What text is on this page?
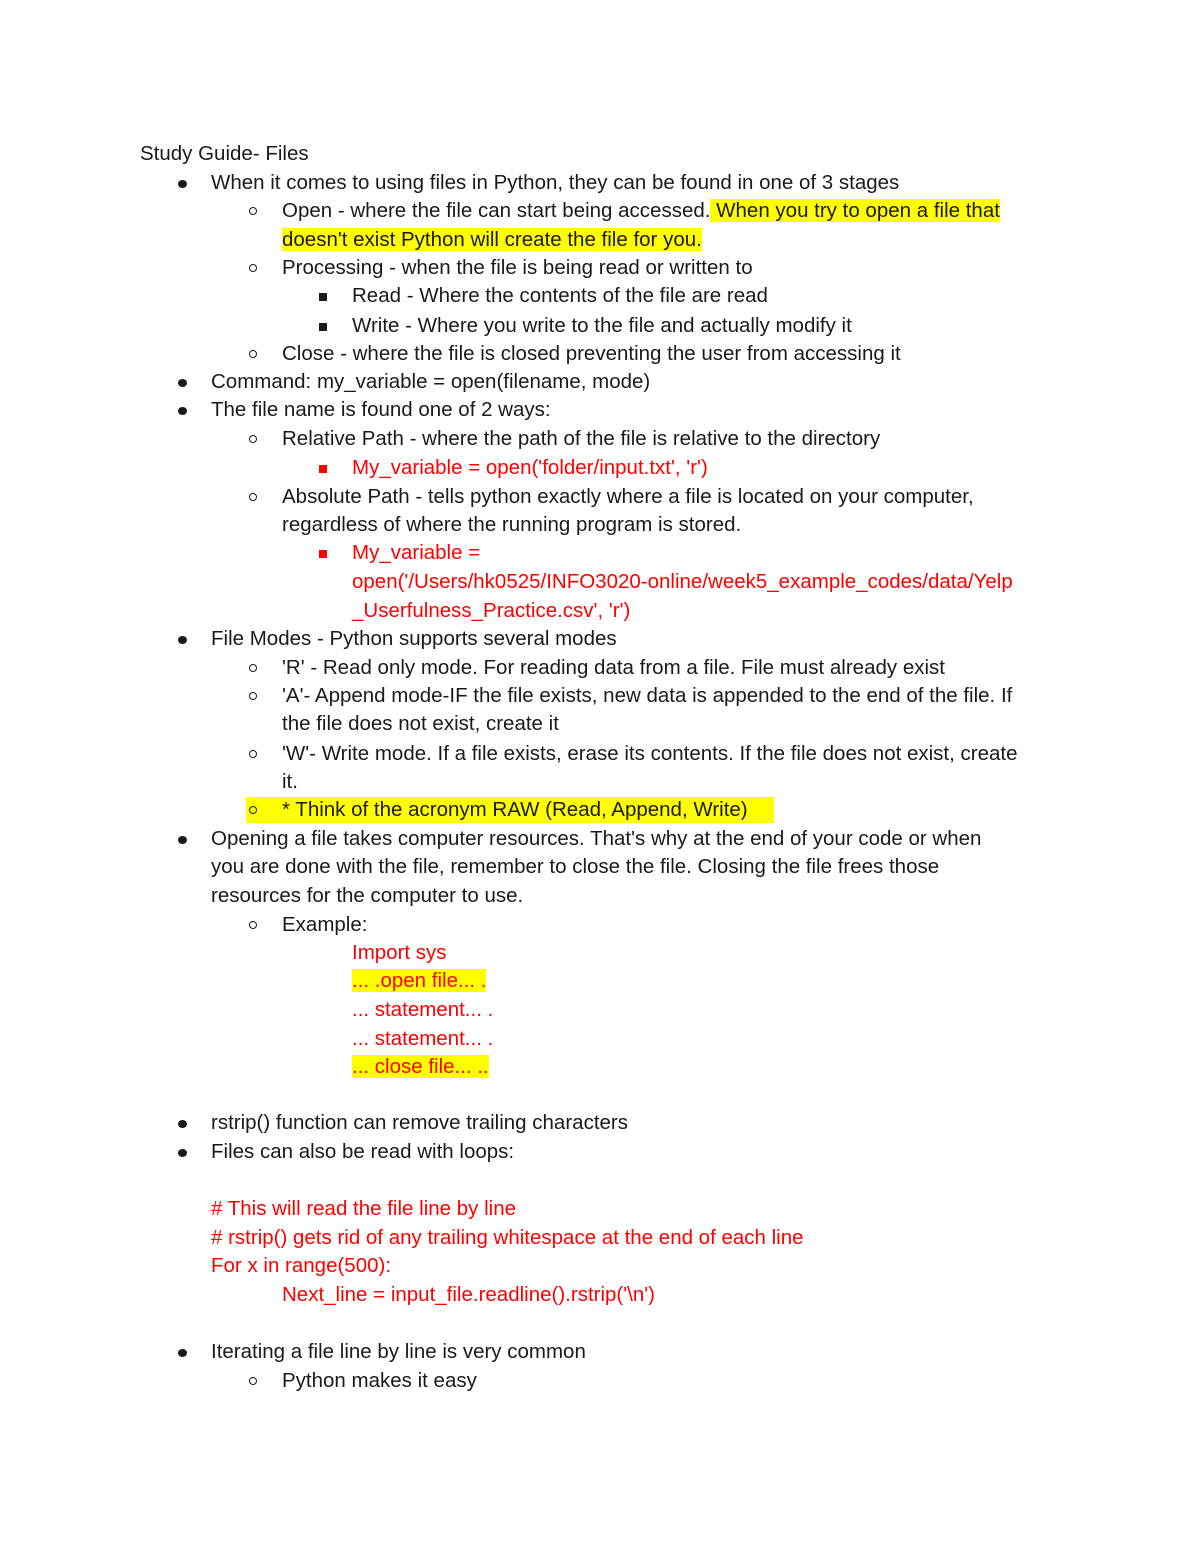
Study Guide- Files
When it comes to using files in Python, they can be found in one of 3 stages
Open - where the file can start being accessed. When you try to open a file that
doesn't exist Python will create the file for you.
Processing - when the file is being read or written to
Read - Where the contents of the file are read
Write - Where you write to the file and actually modify it
Close - where the file is closed preventing the user from accessing it
Command: my_variable = open(filename, mode)
The file name is found one of 2 ways:
Relative Path - where the path of the file is relative to the directory
My_variable = open('folder/input.txt', 'r')
Absolute Path - tells python exactly where a file is located on your computer,
regardless of where the running program is stored.
My_variable =
open('/Users/hk0525/INFO3020-online/week5_example_codes/data/Yelp
_Userfulness_Practice.csv', 'r')
File Modes - Python supports several modes
'R' - Read only mode. For reading data from a file. File must already exist
'A'- Append mode-IF the file exists, new data is appended to the end of the file. If
the file does not exist, create it
'W'- Write mode. If a file exists, erase its contents. If the file does not exist, create
it.
* Think of the acronym RAW (Read, Append, Write)
Opening a file takes computer resources. That's why at the end of your code or when
you are done with the file, remember to close the file. Closing the file frees those
resources for the computer to use.
Example:
Import sys
... .open file... .
... statement... .
... statement... .
... close file... ..
rstrip() function can remove trailing characters
Files can also be read with loops:
# This will read the file line by line
# rstrip() gets rid of any trailing whitespace at the end of each line
For x in range(500):
Next_line = input_file.readline().rstrip('\n')
Iterating a file line by line is very common
Python makes it easy
